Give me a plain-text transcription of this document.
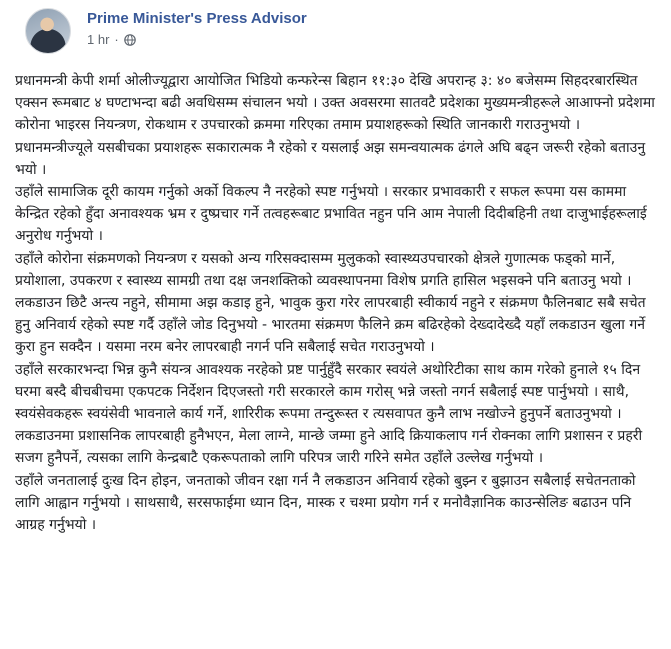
Prime Minister's Press Advisor
1 hr ·

प्रधानमन्त्री केपी शर्मा ओलीज्यूद्वारा आयोजित भिडियो कन्फरेन्स बिहान ११:३० देखि अपरान्ह ३: ४० बजेसम्म सिहदरबारस्थित एक्सन रूमबाट ४ घण्टाभन्दा बढी अवधिसम्म संचालन भयो । उक्त अवसरमा सातवटै प्रदेशका मुख्यमन्त्रीहरूले आआफ्नो प्रदेशमा कोरोना भाइरस नियन्त्रण, रोकथाम र उपचारको क्रममा गरिएका तमाम प्रयाशहरूको स्थिति जानकारी गराउनुभयो ।

प्रधानमन्त्रीज्यूले यसबीचका प्रयाशहरू सकारात्मक नै रहेको र यसलाई अझ समन्वयात्मक ढंगले अघि बढ्न जरूरी रहेको बताउनु भयो ।

उहाँले सामाजिक दूरी कायम गर्नुको अर्को विकल्प नै नरहेको स्पष्ट गर्नुभयो । सरकार प्रभावकारी र सफल रूपमा यस काममा केन्द्रित रहेको हुँदा अनावश्यक भ्रम र दुष्प्रचार गर्ने तत्वहरूबाट प्रभावित नहुन पनि आम नेपाली दिदीबहिनी तथा दाजुभाईहरूलाई अनुरोध गर्नुभयो ।

उहाँले कोरोना संक्रमणको नियन्त्रण र यसको अन्य गरिसक्दासम्म मुलुकको स्वास्थ्यउपचारको क्षेत्रले गुणात्मक फड्को मार्ने, प्रयोशाला, उपकरण र स्वास्थ्य सामग्री तथा दक्ष जनशक्तिको व्यवस्थापनमा विशेष प्रगति हासिल भइसक्ने पनि बताउनु भयो ।

लकडाउन छिटै अन्त्य नहुने, सीमामा अझ कडाइ हुने, भावुक कुरा गरेर लापरबाही स्वीकार्य नहुने र संक्रमण फैलिनबाट सबै सचेत हुनु अनिवार्य रहेको स्पष्ट गर्दै उहाँले जोड दिनुभयो - भारतमा संक्रमण फैलिने क्रम बढिरहेको देख्दादेख्दै यहाँ लकडाउन खुला गर्ने कुरा हुन सक्दैन । यसमा नरम बनेर लापरबाही नगर्न पनि सबैलाई सचेत गराउनुभयो ।

उहाँले सरकारभन्दा भिन्न कुनै संयन्त्र आवश्यक नरहेको प्रष्ट पार्नुहुँदै सरकार स्वयंले अथोरिटीका साथ काम गरेको हुनाले १५ दिन घरमा बस्दै बीचबीचमा एकपटक निर्देशन दिएजस्तो गरी सरकारले काम गरोस् भन्ने जस्तो नगर्न सबैलाई स्पष्ट पार्नुभयो । साथै, स्वयंसेवकहरू स्वयंसेवी भावनाले कार्य गर्ने, शारिरीक रूपमा तन्दुरूस्त र त्यसवापत कुनै लाभ नखोज्ने हुनुपर्ने बताउनुभयो ।

लकडाउनमा प्रशासनिक लापरबाही हुनैभएन, मेला लाग्ने, मान्छे जम्मा हुने आदि क्रियाकलाप गर्न रोक्नका लागि प्रशासन र प्रहरी सजग हुनैपर्ने, त्यसका लागि केन्द्रबाटै एकरूपताको लागि परिपत्र जारी गरिने समेत उहाँले उल्लेख गर्नुभयो ।

उहाँले जनतालाई दुःख दिन होइन, जनताको जीवन रक्षा गर्न नै लकडाउन अनिवार्य रहेको बुझ्न र बुझाउन सबैलाई सचेतनताको लागि आह्वान गर्नुभयो । साथसाथै, सरसफाईमा ध्यान दिन, मास्क र चश्मा प्रयोग गर्न र मनोवैज्ञानिक काउन्सेलिङ बढाउन पनि आग्रह गर्नुभयो ।
